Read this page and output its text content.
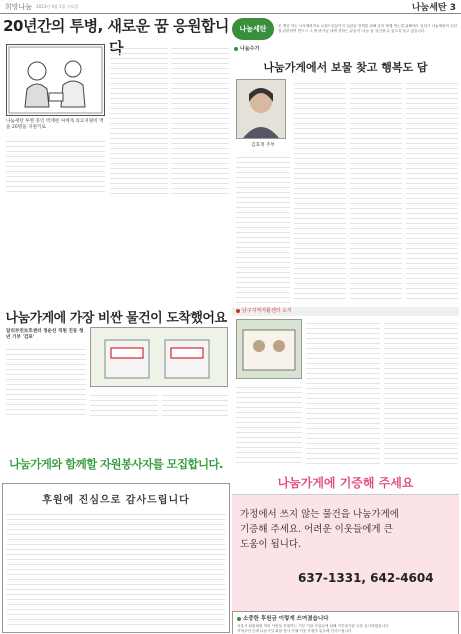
희망나눔 2013년 4월 1일 수요일	나눔세탄 3
20년간의 투병, 새로운 꿈 응원합니다
나눔세탄 투병 중인 박재현 씨에게 의료지원비 액을 20명을 지원키로
나눔가게에 가장 비싼 물건이 도착했어요
알리부친보호센터 정순선 직원 진동 청년 기부 '검포'
나눔가게와 함께할 자원봉사자를 모집합니다.
후원에 진심으로 감사드립니다
나눔세탄	본 재단 아는 사사제화지요 요원드신분이지 일관된 현제를 위해 감한 방행 먹는결 위해에도 일하시 나눔세탄이 신년결 관련하여 만드시 그 중 중가끔 내게 현하는 분들이 '나눔 꿈 길인형 수 있도록 돕고 있습니다.
나눔수기
나눔가게에서 보물 찾고 행복도 담
김효정 주부
남구지역자활센터 소식
나눔가게에 기증해 주세요
가정에서 쓰지 않는 물건을 나눔가게에
기증해 주세요. 어려운 이웃들에게 큰
도움이 됩니다.
637-1331, 642-4604
소중한 후원금 이렇게 쓰여졌습니다
서울시 회원회원 여러 사람들 후원하는 기부 기관 사업들에 위해 기부장기관 등을 실시하였습니다
지역주민 등에 나눔시설 회원 봉사 단체 이웃 후원자 분들께 감사드립니다
